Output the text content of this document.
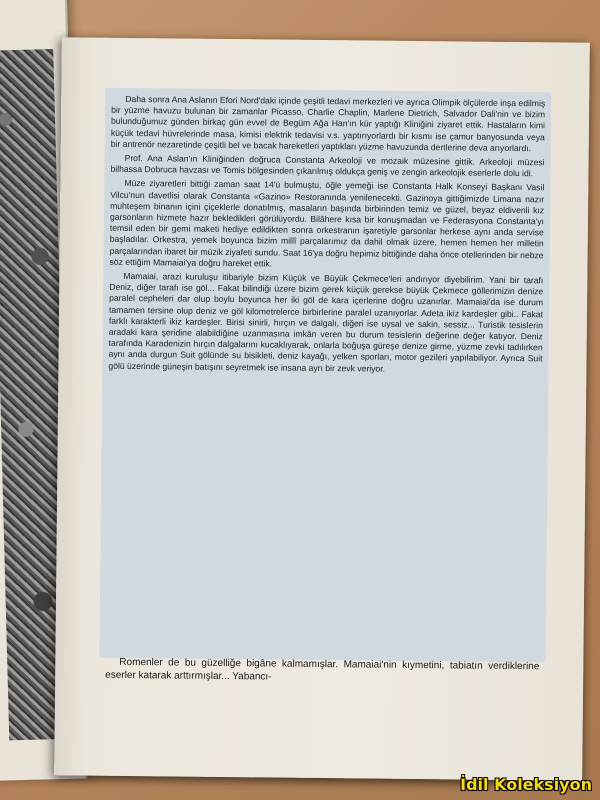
Daha sonra Ana Aslanın Efori Nord'daki içinde çeşitli tedavi merkezleri ve ayrıca Olimpik ölçülerde inşa edilmiş bir yüzme havuzu bulunan bir zamanlar Picasso, Charlie Chaplin, Marlene Dietrich, Salvador Dali'nin ve bizim bulunduğumuz günden birkaç gün evvel de Begüm Ağa Han'ın kür yaptığı Kliniğini ziyaret ettik. Hastaların kimi küçük tedavi hüvrelerinde masa, kimisi elektrik tedavisi v.s. yaptırıyorlardı bir kısmı ise çamur banyosunda veya bir antrenör nezaretinde çeşitli bel ve bacak hareketleri yaptıkları yüzme havuzunda dertlerine deva arıyorlardı.

Prof. Ana Aslan'ın Kliniğinden doğruca Constanta Arkeoloji ve mozaik müzesine gittik. Arkeoloji müzesi bilhassa Dobruca havzası ve Tomis bölgesinden çıkarılmış oldukça geniş ve zengin arkeolojik eserlerle dolu idi.

Müze ziyaretleri bittiği zaman saat 14'ü bulmuştu, öğle yemeği ise Constanta Halk Konseyi Başkanı Vasil Vilcu'nun davetlisi olarak Constanta «Gazino» Restoranında yenilenecekti. Gazinoya gittiğimizde Limana nazır muhteşem binanın içini çiçeklerle donatılmış, masaların başında birbirinden temiz ve güzel, beyaz eldivenli kız garsonların hizmete hazır bekledikleri görülüyordu. Bilâhere kısa bir konuşmadan ve Federasyona Constanta'yı temsil eden bir gemi maketi hediye edildikten sonra orkestranın işaretiyle garsonlar herkese aynı anda servise başladılar. Orkestra, yemek boyunca bizim millî parçalarımız da dahil olmak üzere, hemen hemen her milletin parçalarından ibaret bir müzik ziyafeti sundu. Saat 16'ya doğru hepimiz bittiğinde daha önce otellerinden bir nebze söz ettiğim Mamaiai'ya doğru hareket ettik.

Mamaiai, arazi kuruluşu itibariyle bizim Küçük ve Büyük Çekmece'leri andırıyor diyebilirim. Yani bir tarafı Deniz, diğer tarafı ise göl... Fakat bilindiği üzere bizim gerek küçük gerekse büyük Çekmece göllerimizin denize paralel cepheleri dar olup boylu boyunca her iki göl de kara içerlerine doğru uzanırlar. Mamaiai'da ise durum tamamen tersine olup deniz ve göl kilometrelerce birbirlerine paralel uzanıyorlar. Adeta ikiz kardeşler gibi.. Fakat farklı karakterli ikiz kardeşler. Birisi sinirli, hırçın ve dalgalı, diğeri ise uysal ve sakin, sessiz... Turistik tesislerin aradaki kara şeridine alabildiğine uzanmasına imkân veren bu durum tesislerin değerine değer katıyor. Deniz tarafında Karadenizin hırçın dalgalarını kucaklıyarak, onlarla boğuşa güreşe denize girme, yüzme zevki tadılırken aynı anda durgun Suit gölünde su bisikleti, deniz kayağı, yelken sporları, motor gezileri yapılabiliyor. Ayrıca Suit gölü üzerinde güneşin batışını seyretmek ise insana ayrı bir zevk veriyor.

Romenler de bu güzelliğe bigâne kalmamışlar. Mamaiai'nin kıymetini, tabiatın verdiklerine eserler katarak arttırmışlar... Yabancı-

İdil Koleksiyon
